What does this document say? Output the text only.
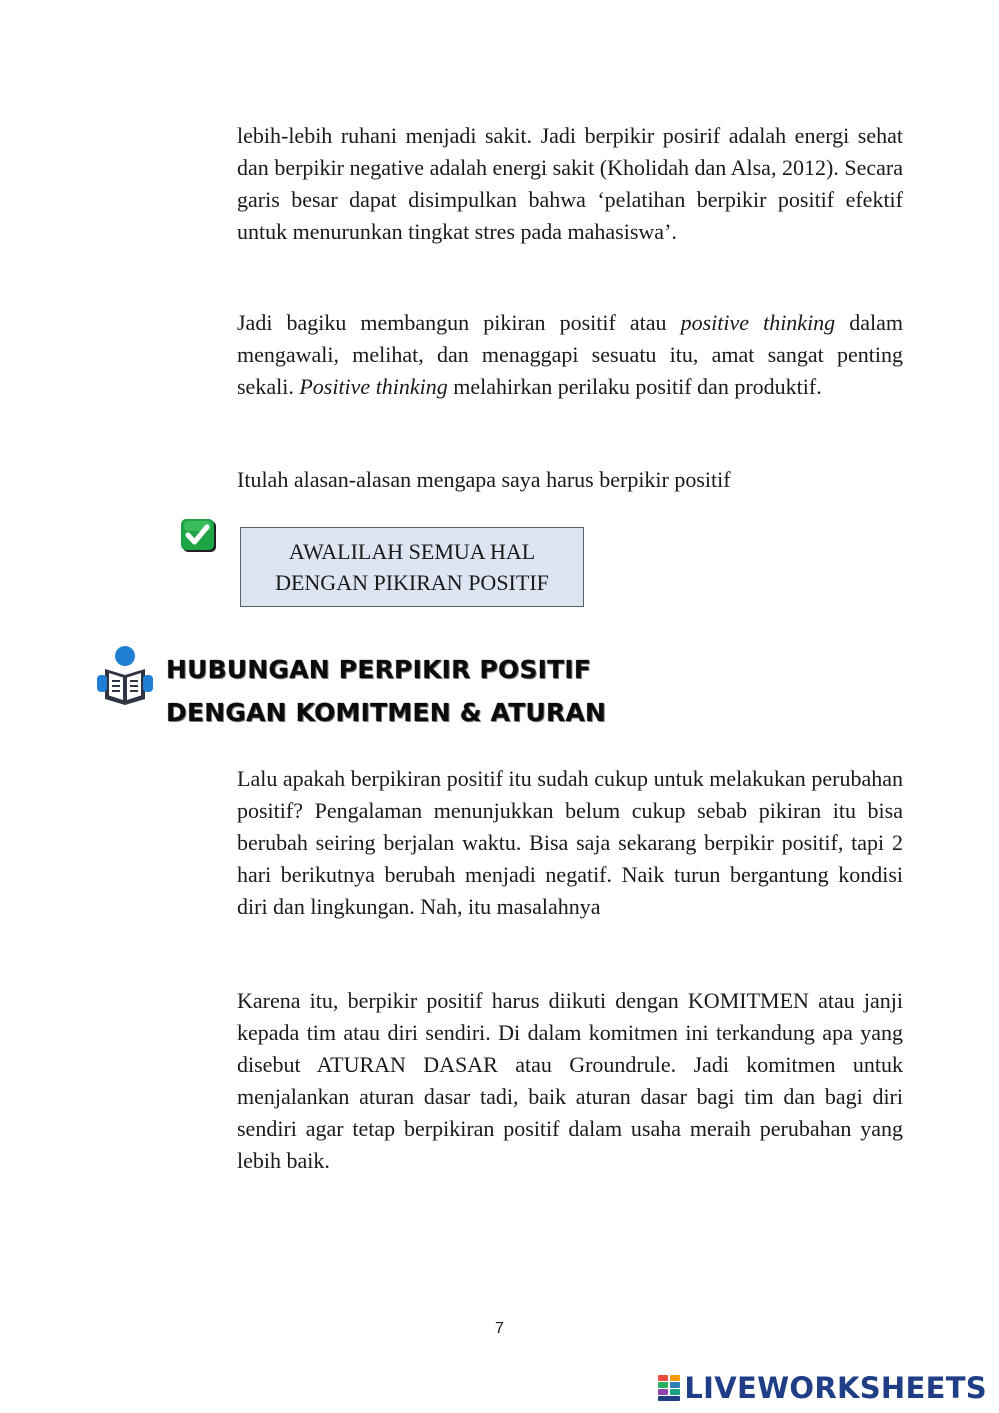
lebih-lebih ruhani menjadi sakit. Jadi berpikir posirif adalah energi sehat dan berpikir negative adalah energi sakit (Kholidah dan Alsa, 2012). Secara garis besar dapat disimpulkan bahwa ‘pelatihan berpikir positif efektif untuk menurunkan tingkat stres pada mahasiswa’.

Jadi bagiku membangun pikiran positif atau positive thinking dalam mengawali, melihat, dan menaggapi sesuatu itu, amat sangat penting sekali. Positive thinking melahirkan perilaku positif dan produktif.

Itulah alasan-alasan mengapa saya harus berpikir positif

AWALILAH SEMUA HAL
DENGAN PIKIRAN POSITIF
HUBUNGAN PERPIKIR POSITIF
DENGAN KOMITMEN & ATURAN

Lalu apakah berpikiran positif itu sudah cukup untuk melakukan perubahan positif? Pengalaman menunjukkan belum cukup sebab pikiran itu bisa berubah seiring berjalan waktu. Bisa saja sekarang berpikir positif, tapi 2 hari berikutnya berubah menjadi negatif. Naik turun bergantung kondisi diri dan lingkungan. Nah, itu masalahnya

Karena itu, berpikir positif harus diikuti dengan KOMITMEN atau janji kepada tim atau diri sendiri. Di dalam komitmen ini terkandung apa yang disebut ATURAN DASAR atau Groundrule. Jadi komitmen untuk menjalankan aturan dasar tadi, baik aturan dasar bagi tim dan bagi diri sendiri agar tetap berpikiran positif dalam usaha meraih perubahan yang lebih baik.

7
LIVEWORKSHEETS
